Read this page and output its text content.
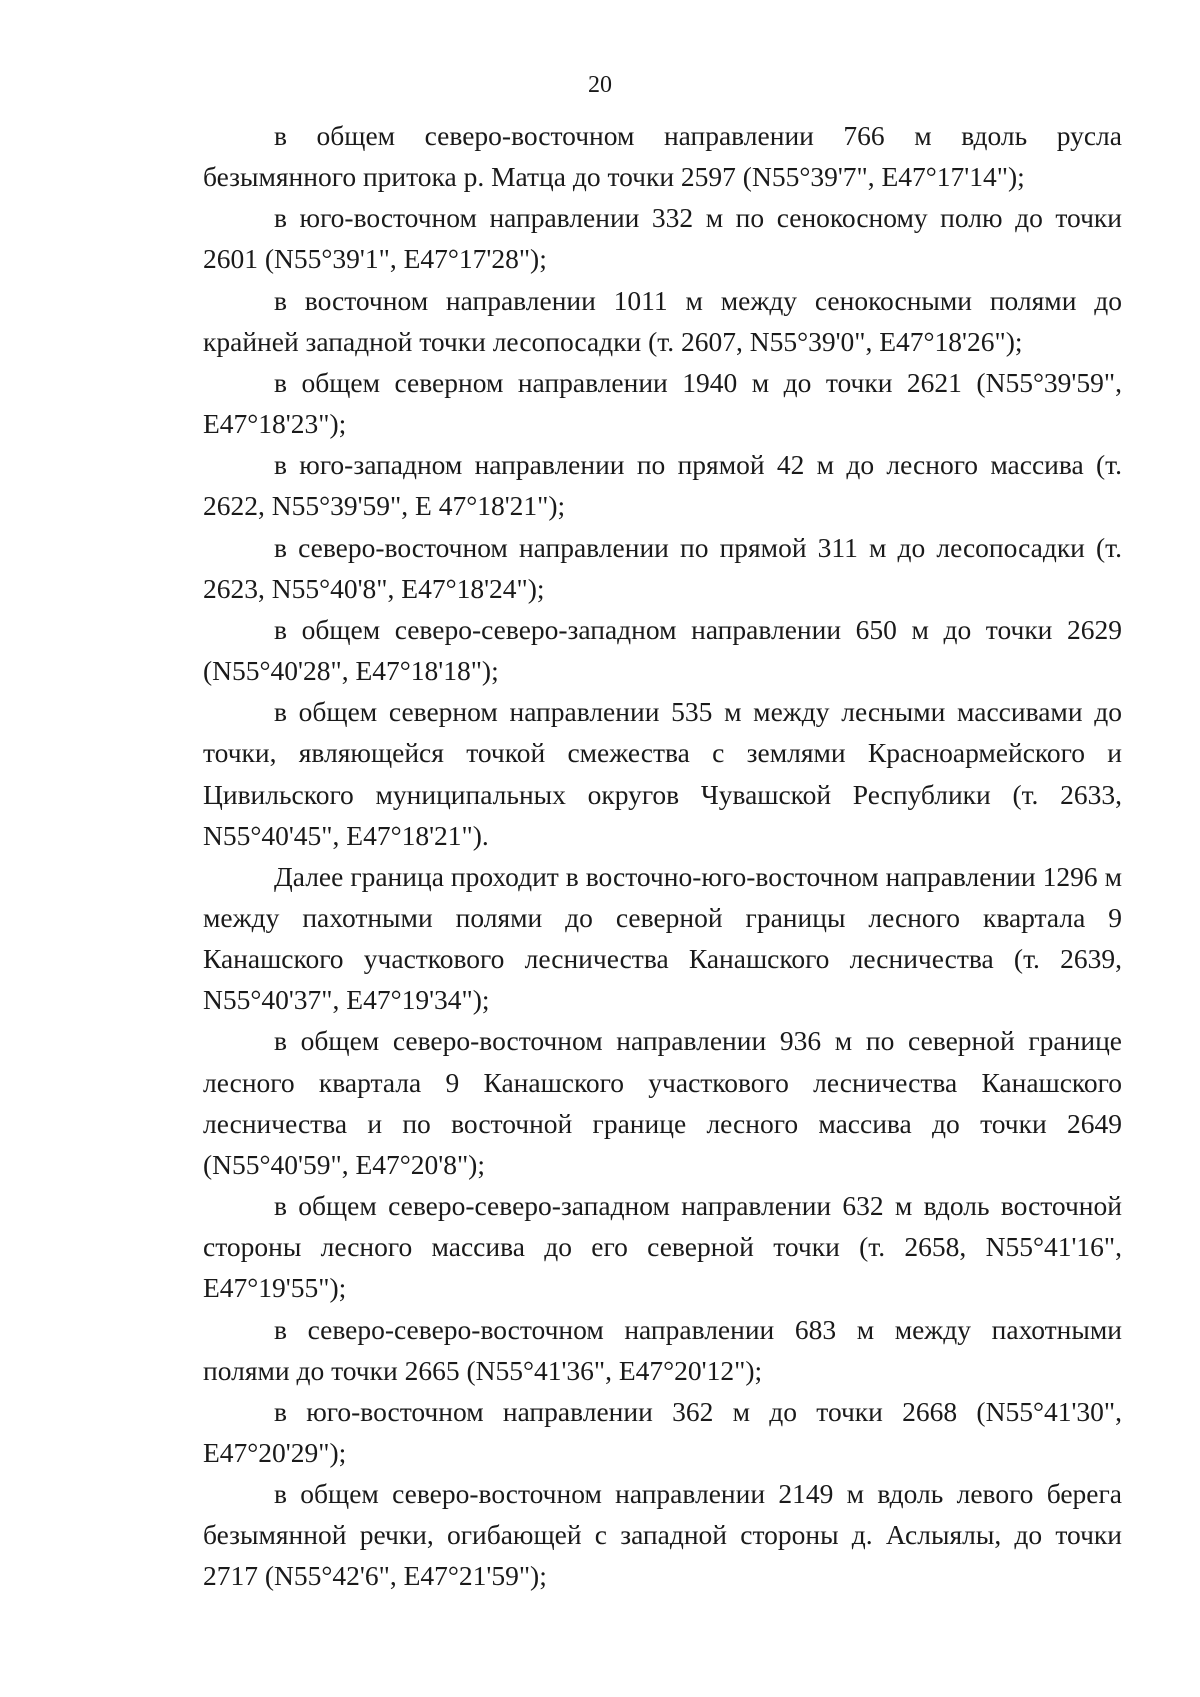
20

в общем северо-восточном направлении 766 м вдоль русла безымянного притока р. Матца до точки 2597 (N55°39'7", E47°17'14");

в юго-восточном направлении 332 м по сенокосному полю до точки 2601 (N55°39'1", E47°17'28");

в восточном направлении 1011 м между сенокосными полями до крайней западной точки лесопосадки (т. 2607, N55°39'0", E47°18'26");

в общем северном направлении 1940 м до точки 2621 (N55°39'59", E47°18'23");

в юго-западном направлении по прямой 42 м до лесного массива (т. 2622, N55°39'59", E 47°18'21");

в северо-восточном направлении по прямой 311 м до лесопосадки (т. 2623, N55°40'8", E47°18'24");

в общем северо-северо-западном направлении 650 м до точки 2629 (N55°40'28", E47°18'18");

в общем северном направлении 535 м между лесными массивами до точки, являющейся точкой смежества с землями Красноармейского и Цивильского муниципальных округов Чувашской Республики (т. 2633, N55°40'45", E47°18'21").

Далее граница проходит в восточно-юго-восточном направлении 1296 м между пахотными полями до северной границы лесного квартала 9 Канашского участкового лесничества Канашского лесничества (т. 2639, N55°40'37", E47°19'34");

в общем северо-восточном направлении 936 м по северной границе лесного квартала 9 Канашского участкового лесничества Канашского лесничества и по восточной границе лесного массива до точки 2649 (N55°40'59", E47°20'8");

в общем северо-северо-западном направлении 632 м вдоль восточной стороны лесного массива до его северной точки (т. 2658, N55°41'16", E47°19'55");

в северо-северо-восточном направлении 683 м между пахотными полями до точки 2665 (N55°41'36", E47°20'12");

в юго-восточном направлении 362 м до точки 2668 (N55°41'30", E47°20'29");

в общем северо-восточном направлении 2149 м вдоль левого берега безымянной речки, огибающей с западной стороны д. Аслыялы, до точки 2717 (N55°42'6", E47°21'59");
